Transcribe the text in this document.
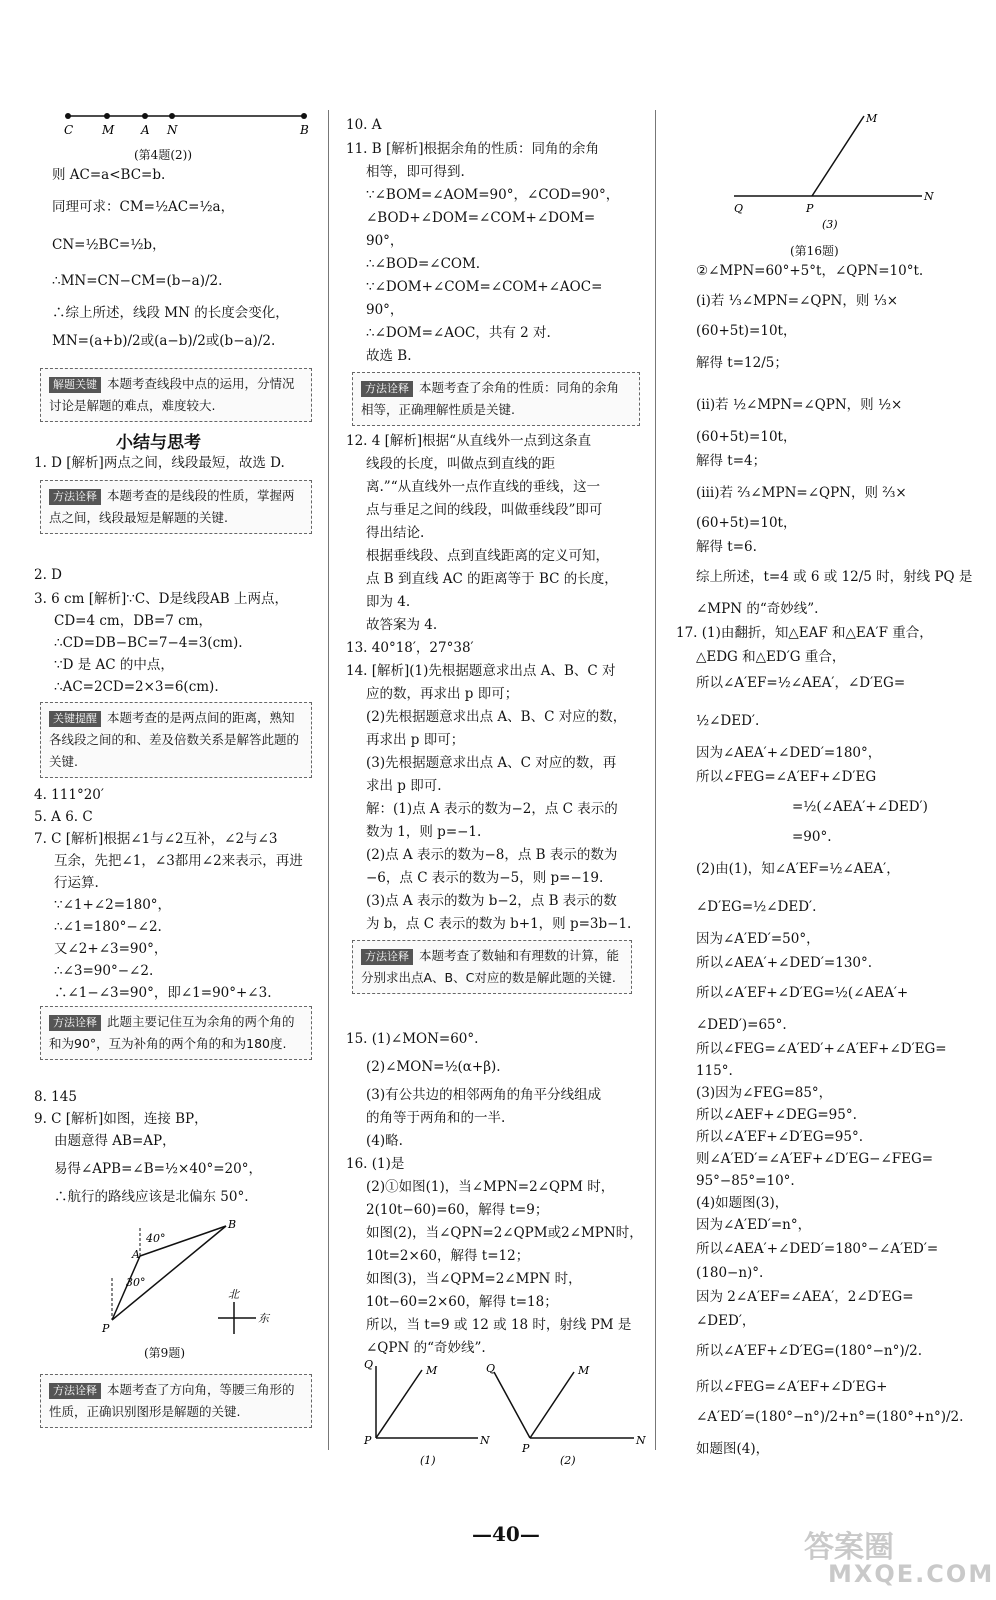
C M A N	B
(第4题(2))
则 AC=a<BC=b.
同理可求：CM=½AC=½a，
CN=½BC=½b，
∴MN=CN−CM=(b−a)/2.
∴综上所述，线段 MN 的长度会变化，
MN=(a+b)/2或(a−b)/2或(b−a)/2.
解题关键 本题考查线段中点的运用，分情况讨论是解题的难点，难度较大.
小结与思考
1. D [解析]两点之间，线段最短，故选 D.
方法诠释 本题考查的是线段的性质，掌握两点之间，线段最短是解题的关键.
2. D
3. 6 cm [解析]∵C、D是线段AB 上两点，
CD=4 cm，DB=7 cm，
∴CD=DB−BC=7−4=3(cm).
∵D 是 AC 的中点，
∴AC=2CD=2×3=6(cm).
关键提醒 本题考查的是两点间的距离，熟知各线段之间的和、差及倍数关系是解答此题的关键.
4. 111°20′
5. A 6. C
7. C [解析]根据∠1与∠2互补，∠2与∠3
互余，先把∠1，∠3都用∠2来表示，再进
行运算.
∵∠1+∠2=180°，
∴∠1=180°−∠2.
又∠2+∠3=90°，
∴∠3=90°−∠2.
∴∠1−∠3=90°，即∠1=90°+∠3.
方法诠释 此题主要记住互为余角的两个角的和为90°，互为补角的两个角的和为180度.
8. 145
9. C [解析]如图，连接 BP，
由题意得 AB=AP，
易得∠APB=∠B=½×40°=20°，
∴航行的路线应该是北偏东 50°.
40°
30°
A
B
P
北
东
(第9题)
方法诠释 本题考查了方向角，等腰三角形的性质，正确识别图形是解题的关键.
10. A
11. B [解析]根据余角的性质：同角的余角
相等，即可得到.
∵∠BOM=∠AOM=90°，∠COD=90°，
∠BOD+∠DOM=∠COM+∠DOM=
90°，
∴∠BOD=∠COM.
∵∠DOM+∠COM=∠COM+∠AOC=
90°，
∴∠DOM=∠AOC，共有 2 对.
故选 B.
方法诠释 本题考查了余角的性质：同角的余角相等，正确理解性质是关键.
12. 4 [解析]根据“从直线外一点到这条直
线段的长度，叫做点到直线的距
离.”“从直线外一点作直线的垂线，这一
点与垂足之间的线段，叫做垂线段”即可
得出结论.
根据垂线段、点到直线距离的定义可知，
点 B 到直线 AC 的距离等于 BC 的长度，
即为 4.
故答案为 4.
13. 40°18′，27°38′
14. [解析](1)先根据题意求出点 A、B、C 对
应的数，再求出 p 即可；
(2)先根据题意求出点 A、B、C 对应的数，
再求出 p 即可；
(3)先根据题意求出点 A、C 对应的数，再
求出 p 即可.
解：(1)点 A 表示的数为−2，点 C 表示的
数为 1，则 p=−1.
(2)点 A 表示的数为−8，点 B 表示的数为
−6，点 C 表示的数为−5，则 p=−19.
(3)点 A 表示的数为 b−2，点 B 表示的数
为 b，点 C 表示的数为 b+1，则 p=3b−1.
方法诠释 本题考查了数轴和有理数的计算，能分别求出点A、B、C对应的数是解此题的关键.
15. (1)∠MON=60°.
(2)∠MON=½(α+β).
(3)有公共边的相邻两角的角平分线组成
的角等于两角和的一半.
(4)略.
16. (1)是
(2)①如图(1)，当∠MPN=2∠QPM 时，
2(10t−60)=60，解得 t=9；
如图(2)，当∠QPN=2∠QPM或2∠MPN时，
10t=2×60，解得 t=12；
如图(3)，当∠QPM=2∠MPN 时，
10t−60=2×60，解得 t=18；
所以，当 t=9 或 12 或 18 时，射线 PM 是
∠QPN 的“奇妙线”.
Q	M
P	N
(1)
Q	M
P
N
(2)
M
Q	P
N
(3)
(第16题)
②∠MPN=60°+5°t，∠QPN=10°t.
(ⅰ)若 ⅓∠MPN=∠QPN，则 ⅓×
(60+5t)=10t，
解得 t=12/5；
(ⅱ)若 ½∠MPN=∠QPN，则 ½×
(60+5t)=10t，
解得 t=4；
(ⅲ)若 ⅔∠MPN=∠QPN，则 ⅔×
(60+5t)=10t，
解得 t=6.
综上所述，t=4 或 6 或 12/5 时，射线 PQ 是
∠MPN 的“奇妙线”.
17. (1)由翻折，知△EAF 和△EA′F 重合，
△EDG 和△ED′G 重合，
所以∠A′EF=½∠AEA′，∠D′EG=
½∠DED′.
因为∠AEA′+∠DED′=180°，
所以∠FEG=∠A′EF+∠D′EG
=½(∠AEA′+∠DED′)
=90°.
(2)由(1)，知∠A′EF=½∠AEA′，
∠D′EG=½∠DED′.
因为∠A′ED′=50°，
所以∠AEA′+∠DED′=130°.
所以∠A′EF+∠D′EG=½(∠AEA′+
∠DED′)=65°.
所以∠FEG=∠A′ED′+∠A′EF+∠D′EG=
115°.
(3)因为∠FEG=85°，
所以∠AEF+∠DEG=95°.
所以∠A′EF+∠D′EG=95°.
则∠A′ED′=∠A′EF+∠D′EG−∠FEG=
95°−85°=10°.
(4)如题图(3)，
因为∠A′ED′=n°，
所以∠AEA′+∠DED′=180°−∠A′ED′=
(180−n)°.
因为 2∠A′EF=∠AEA′，2∠D′EG=
∠DED′，
所以∠A′EF+∠D′EG=(180°−n°)/2.
所以∠FEG=∠A′EF+∠D′EG+
∠A′ED′=(180°−n°)/2+n°=(180°+n°)/2.
如题图(4)，
—40—	答案圈
MXQE.COM
